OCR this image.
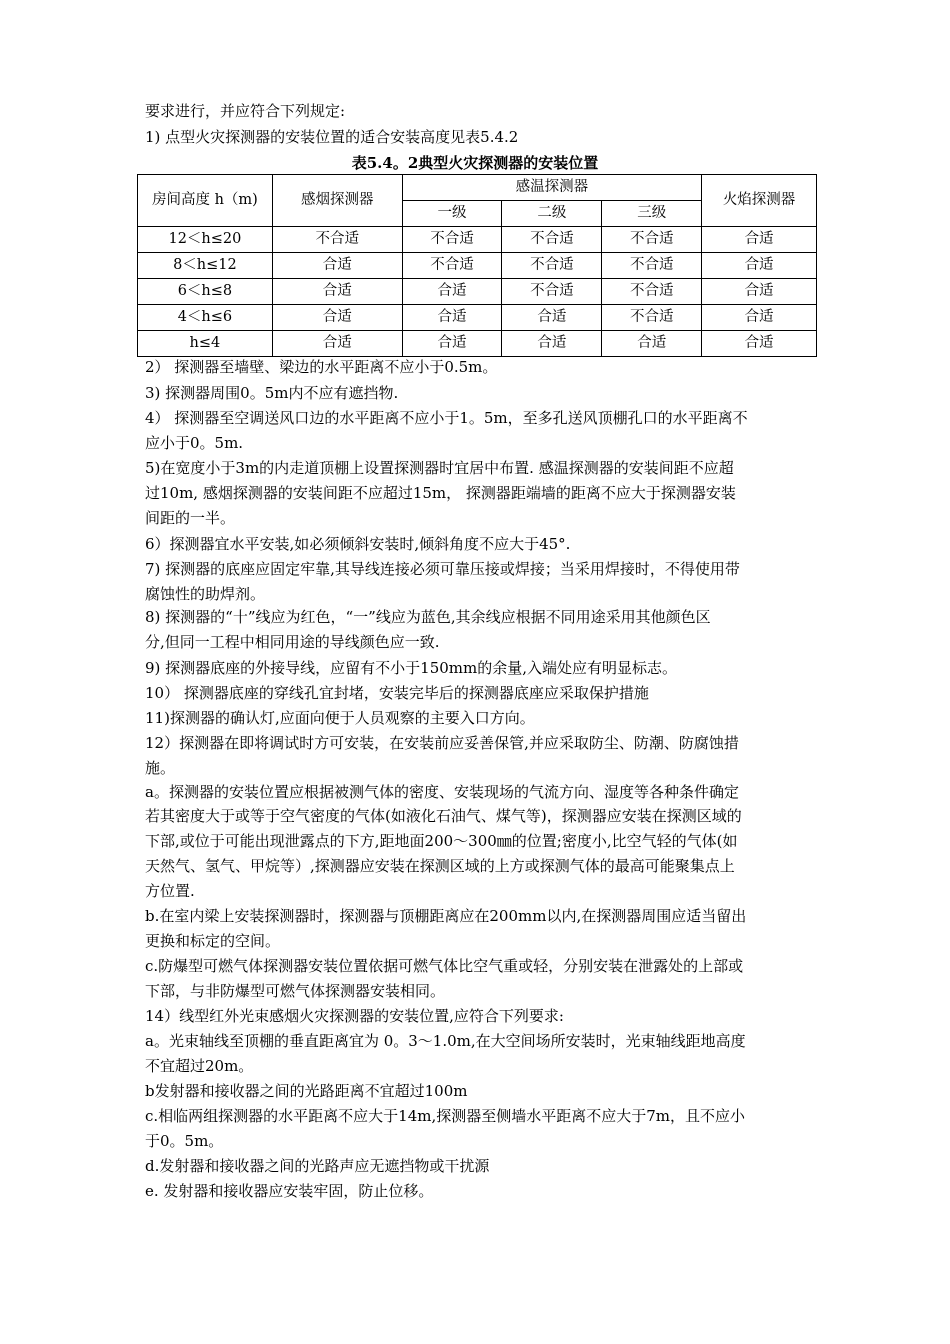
要求进行，并应符合下列规定:
1) 点型火灾探测器的安装位置的适合安装高度见表5.4.2
表5.4。2典型火灾探测器的安装位置
房间高度 h（m)	感烟探测器	感温探测器			火焰探测器
		一级	二级	三级	
12＜h≤20	不合适	不合适	不合适	不合适	合适
8＜h≤12	合适	不合适	不合适	不合适	合适
6＜h≤8	合适	合适	不合适	不合适	合适
4＜h≤6	合适	合适	合适	不合适	合适
h≤4	合适	合适	合适	合适	合适
2） 探测器至墙壁、梁边的水平距离不应小于0.5m。
3) 探测器周围0。5m内不应有遮挡物.
4） 探测器至空调送风口边的水平距离不应小于1。5m，至多孔送风顶棚孔口的水平距离不
应小于0。5m.
5)在宽度小于3m的内走道顶棚上设置探测器时宜居中布置. 感温探测器的安装间距不应超
过10m, 感烟探测器的安装间距不应超过15m， 探测器距端墙的距离不应大于探测器安装
间距的一半。
6）探测器宜水平安装,如必须倾斜安装时,倾斜角度不应大于45°.
7) 探测器的底座应固定牢靠,其导线连接必须可靠压接或焊接；当采用焊接时，不得使用带
腐蚀性的助焊剂。
8) 探测器的“十”线应为红色，“一”线应为蓝色,其余线应根据不同用途采用其他颜色区
分,但同一工程中相同用途的导线颜色应一致.
9) 探测器底座的外接导线，应留有不小于150mm的余量,入端处应有明显标志。
10） 探测器底座的穿线孔宜封堵，安装完毕后的探测器底座应采取保护措施
11)探测器的确认灯,应面向便于人员观察的主要入口方向。
12）探测器在即将调试时方可安装，在安装前应妥善保管,并应采取防尘、防潮、防腐蚀措
施。
a。探测器的安装位置应根据被测气体的密度、安装现场的气流方向、湿度等各种条件确定
若其密度大于或等于空气密度的气体(如液化石油气、煤气等)，探测器应安装在探测区域的
下部,或位于可能出现泄露点的下方,距地面200～300㎜的位置;密度小,比空气轻的气体(如
天然气、氢气、甲烷等）,探测器应安装在探测区域的上方或探测气体的最高可能聚集点上
方位置.
b.在室内梁上安装探测器时，探测器与顶棚距离应在200mm以内,在探测器周围应适当留出
更换和标定的空间。
c.防爆型可燃气体探测器安装位置依据可燃气体比空气重或轻，分别安装在泄露处的上部或
下部，与非防爆型可燃气体探测器安装相同。
14）线型红外光束感烟火灾探测器的安装位置,应符合下列要求:
a。光束轴线至顶棚的垂直距离宜为 0。3～1.0m,在大空间场所安装时，光束轴线距地高度
不宜超过20m。
b发射器和接收器之间的光路距离不宜超过100m
c.相临两组探测器的水平距离不应大于14m,探测器至侧墙水平距离不应大于7m，且不应小
于0。5m。
d.发射器和接收器之间的光路声应无遮挡物或干扰源
e. 发射器和接收器应安装牢固，防止位移。
